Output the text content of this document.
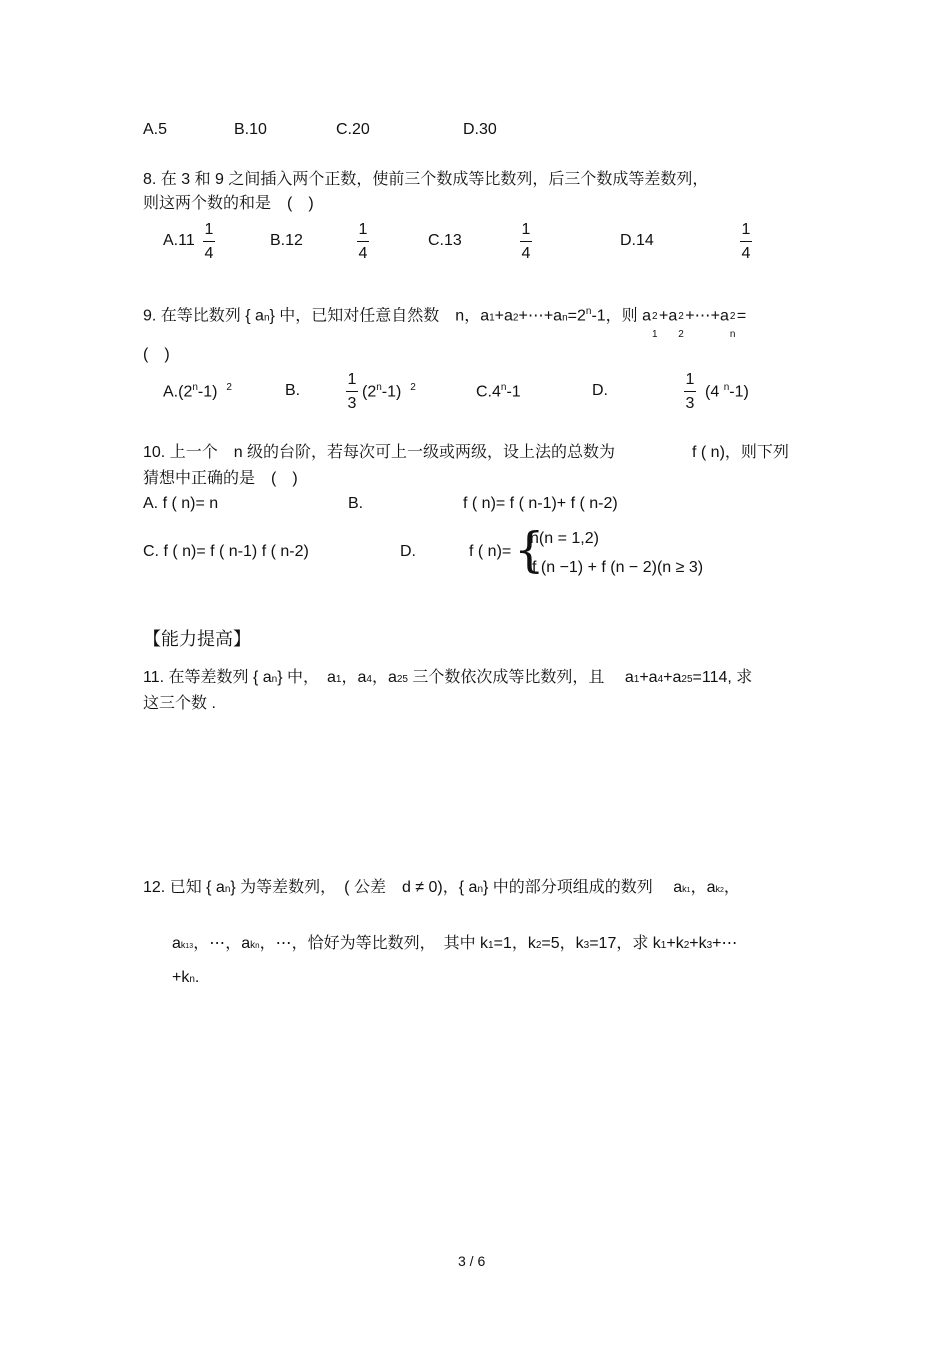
A.5	B.10	C.20	D.30
8. 在 3 和 9 之间插入两个正数，使前三个数成等比数列，后三个数成等差数列，
则这两个数的和是　(　)
A.11
1
4
B.12
1
4
C.13
1
4
D.14
1
4
9. 在等比数列 { an} 中，已知对任意自然数　n，$a1+a2+\cdots+an=2^n-1$，则 a 2
1
+a 2
2
+⋯+a 2
n
=
(　)
A.(2$^n$-1) $^2$	B.
1
3
(2$^n$-1) $^2$	C.4$^n$-1	D.
1
3
(4 $^n$-1)
10. 上一个　n 级的台阶，若每次可上一级或两级，设上法的总数为	f ( n)，则下列
猜想中正确的是　(　)
A. f ( n)= n	B.	f ( n)= f ( n-1)+ f ( n-2)
C. f ( n)= f ( n-1) f ( n-2)	D.	f ( n)= {
n(n = 1,2)
f (n −1) + f (n − 2)(n ≥ 3)
【能力提高】
11. 在等差数列 { an} 中，　a1，a4，a25 三个数依次成等比数列，且　 a1+a4+a25=114, 求
这三个数 .
12. 已知 { an} 为等差数列，　( 公差　d ≠ 0)，{ an} 中的部分项组成的数列　 ak1，ak2，
ak13，⋯，akn，⋯，恰好为等比数列，　其中 k1=1，k2=5，k3=17，求 k1+k2+k3+⋯
+kn.
3 / 6
